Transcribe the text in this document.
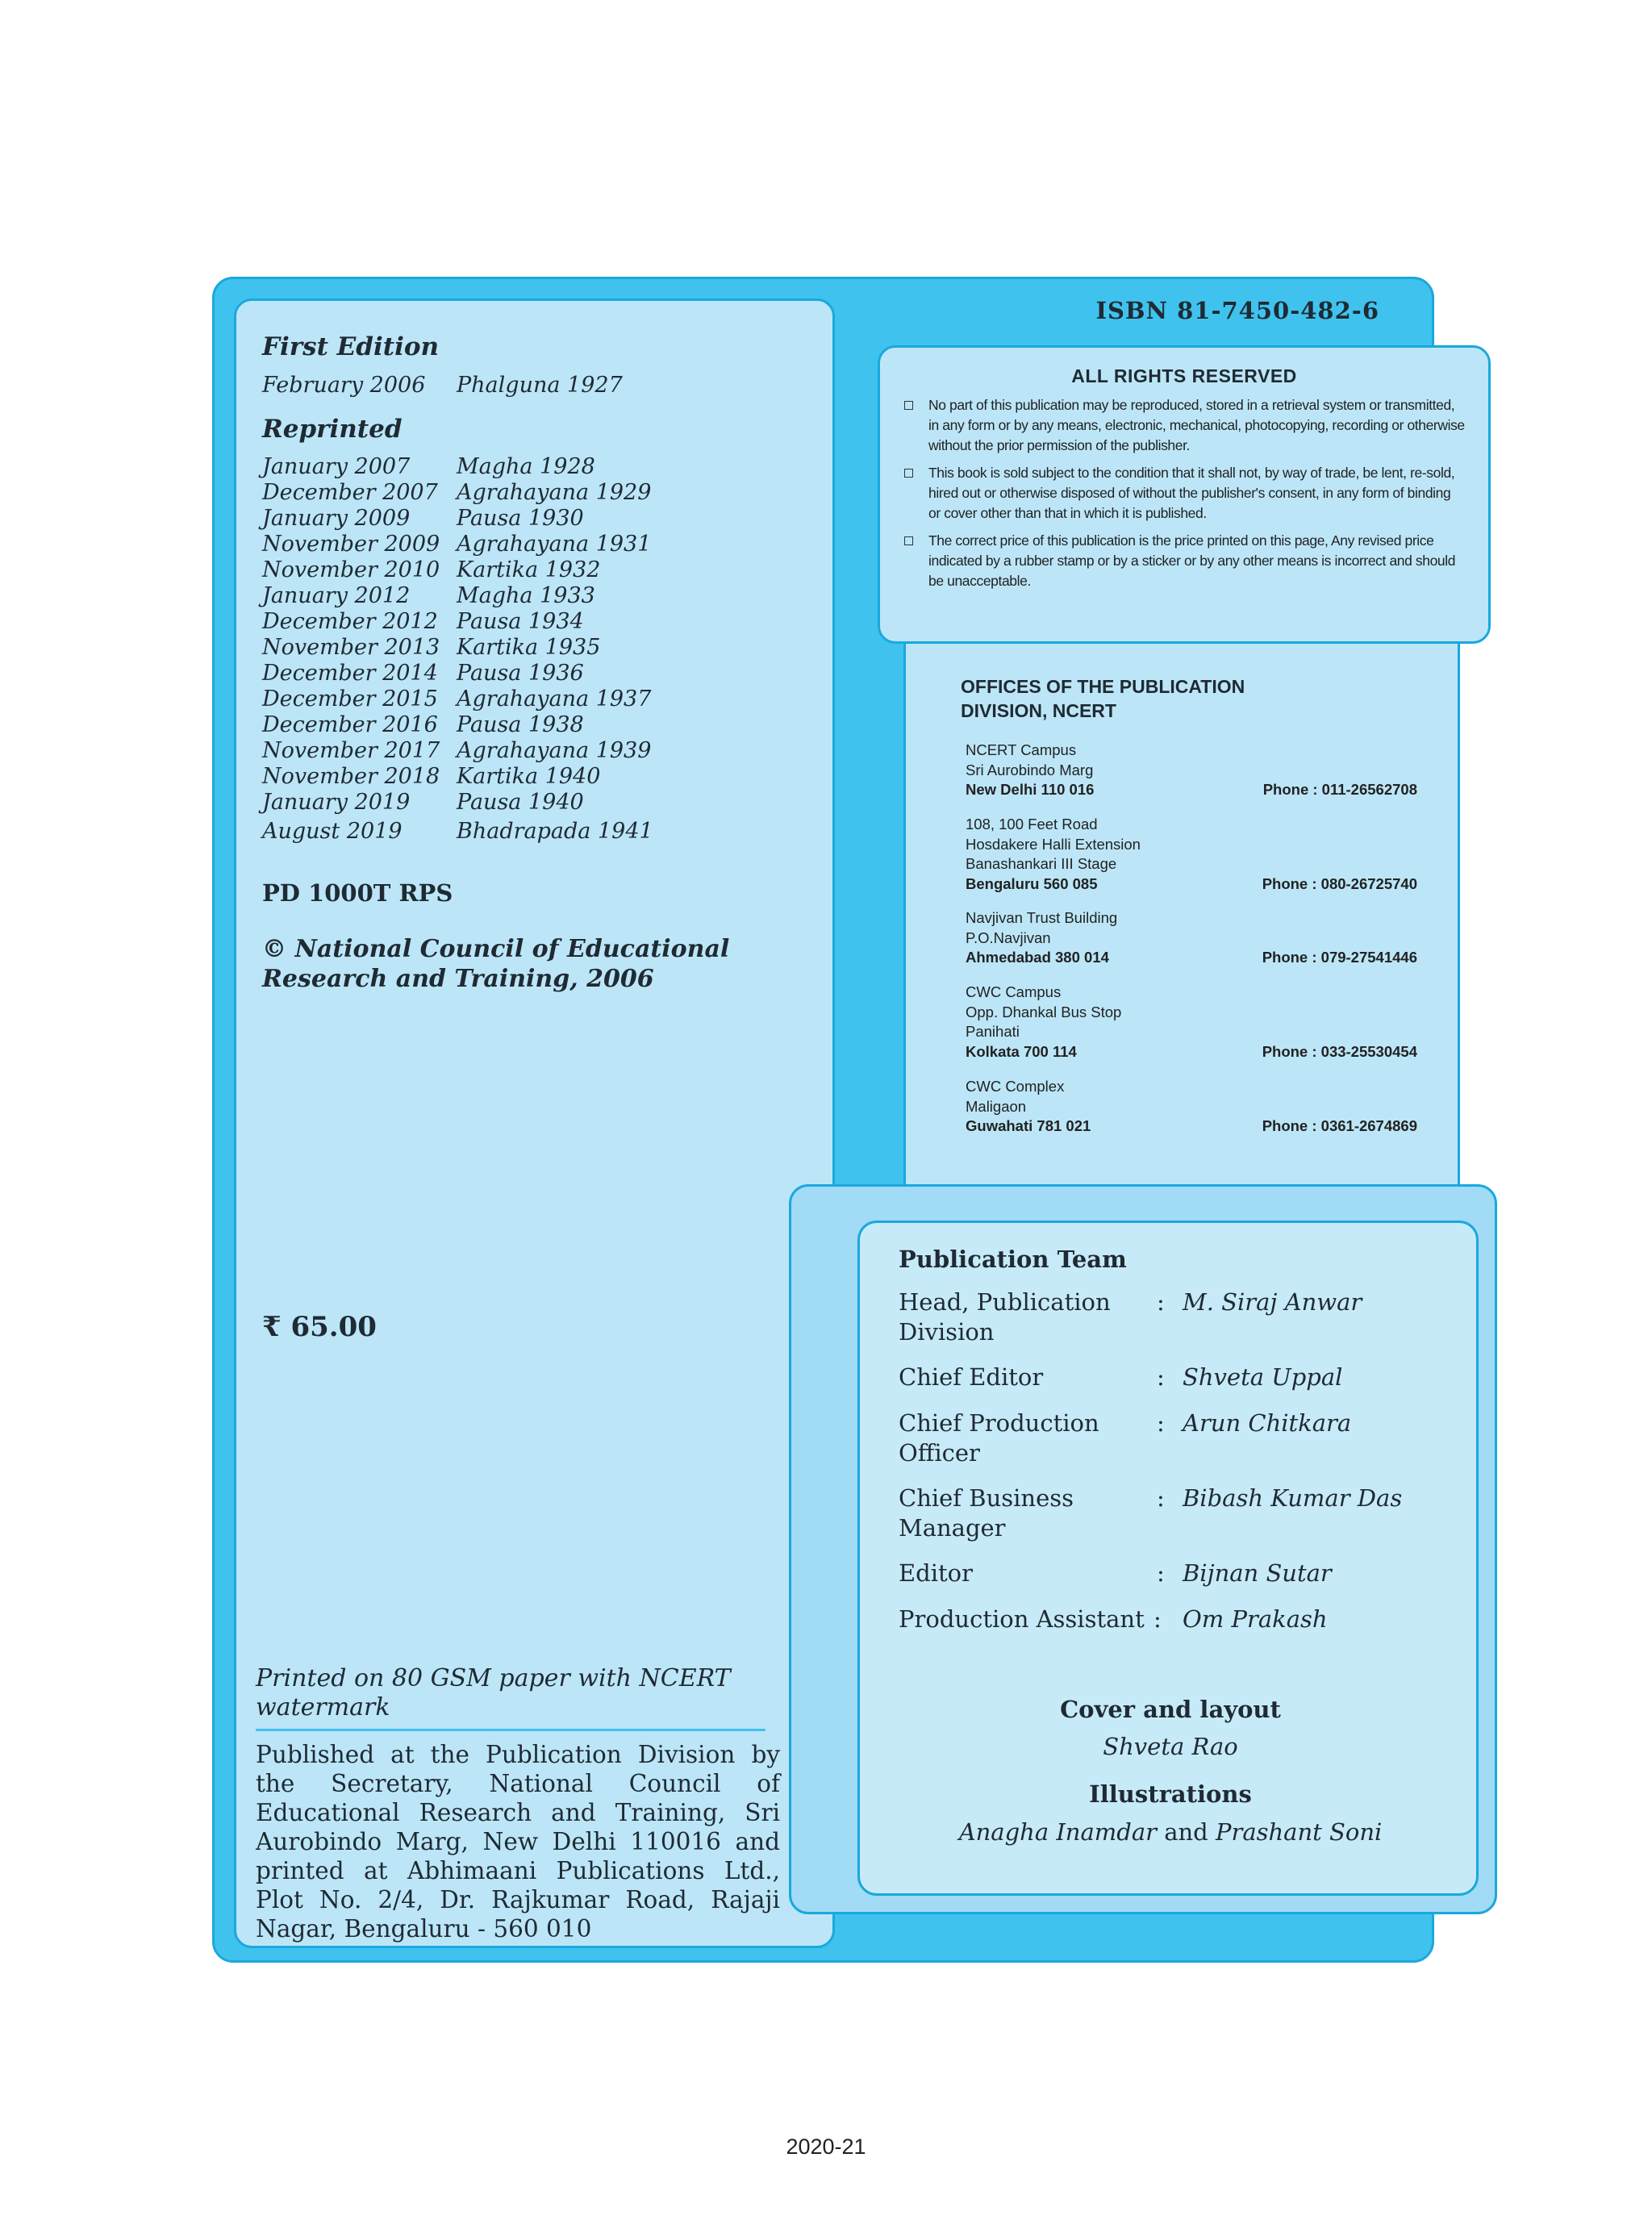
First Edition
February 2006 Phalguna 1927
Reprinted
January 2007 Magha 1928
December 2007 Agrahayana 1929
January 2009 Pausa 1930
November 2009 Agrahayana 1931
November 2010 Kartika 1932
January 2012 Magha 1933
December 2012 Pausa 1934
November 2013 Kartika 1935
December 2014 Pausa 1936
December 2015 Agrahayana 1937
December 2016 Pausa 1938
November 2017 Agrahayana 1939
November 2018 Kartika 1940
January 2019 Pausa 1940
August 2019 Bhadrapada 1941
PD 1000T RPS
© National Council of Educational Research and Training, 2006
₹ 65.00
Printed on 80 GSM paper with NCERT watermark
Published at the Publication Division by the Secretary, National Council of Educational Research and Training, Sri Aurobindo Marg, New Delhi 110016 and printed at Abhimaani Publications Ltd., Plot No. 2/4, Dr. Rajkumar Road, Rajaji Nagar, Bengaluru - 560 010
ISBN 81-7450-482-6
OFFICES OF THE PUBLICATION DIVISION, NCERT
NCERT Campus
Sri Aurobindo Marg
New Delhi 110 016	Phone : 011-26562708
108, 100 Feet Road
Hosdakere Halli Extension
Banashankari III Stage
Bengaluru 560 085	Phone : 080-26725740
Navjivan Trust Building
P.O.Navjivan
Ahmedabad 380 014	Phone : 079-27541446
CWC Campus
Opp. Dhankal Bus Stop
Panihati
Kolkata 700 114	Phone : 033-25530454
CWC Complex
Maligaon
Guwahati 781 021	Phone : 0361-2674869
ALL RIGHTS RESERVED
No part of this publication may be reproduced, stored in a retrieval system or transmitted, in any form or by any means, electronic, mechanical, photocopying, recording or otherwise without the prior permission of the publisher.
This book is sold subject to the condition that it shall not, by way of trade, be lent, re-sold, hired out or otherwise disposed of without the publisher's consent, in any form of binding or cover other than that in which it is published.
The correct price of this publication is the price printed on this page, Any revised price indicated by a rubber stamp or by a sticker or by any other means is incorrect and should be unacceptable.
Publication Team
Head, Publication Division
: M. Siraj Anwar
Chief Editor	: Shveta Uppal
Chief Production Officer
: Arun Chitkara
Chief Business Manager
: Bibash Kumar Das
Editor	: Bijnan Sutar
Production Assistant : Om Prakash
Cover and layout
Shveta Rao
Illustrations
Anagha Inamdar and Prashant Soni
2020-21
